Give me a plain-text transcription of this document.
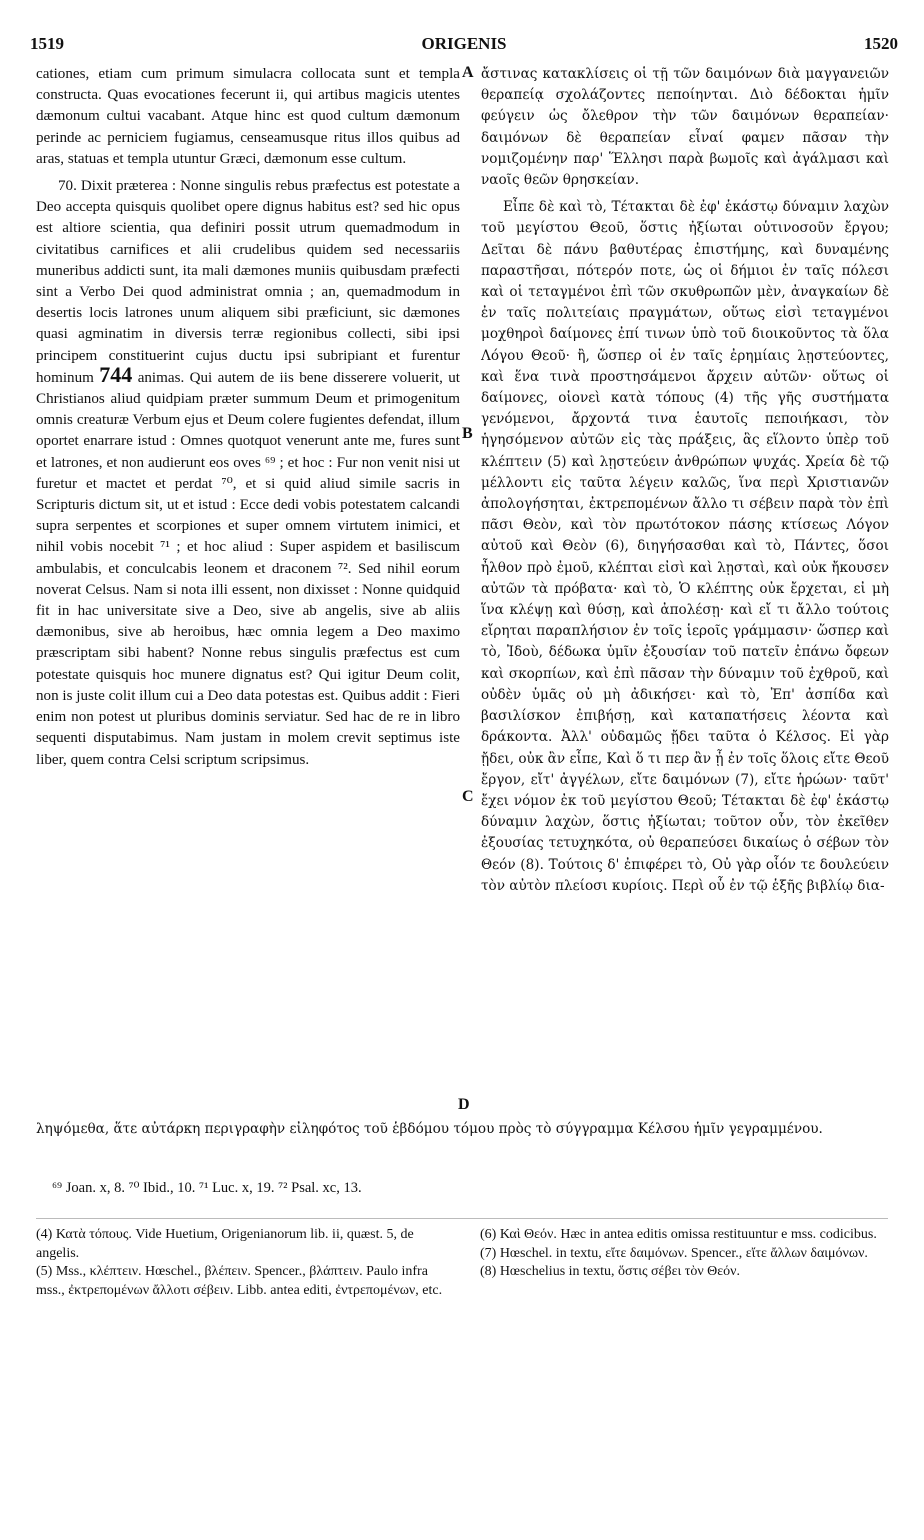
1519	ORIGENIS	1520

cationes, etiam cum primum simulacra collocata sunt et templa constructa. Quas evocationes fecerunt ii, qui artibus magicis utentes dæmonum cultui vacabant. Atque hinc est quod cultum dæmonum perinde ac perniciem fugiamus, censeamusque ritus illos quibus ad aras, statuas et templa utuntur Græci, dæmonum esse cultum.

70. Dixit præterea : Nonne singulis rebus præfectus est potestate a Deo accepta quisquis quolibet opere dignus habitus est? sed hic opus est altiore scientia, qua definiri possit utrum quemadmodum in civitatibus carnifices et alii crudelibus quidem sed necessariis muneribus addicti sunt, ita mali dæmones muniis quibusdam præfecti sint a Verbo Dei quod administrat omnia ; an, quemadmodum in desertis locis latrones unum aliquem sibi præficiunt, sic dæmones quasi agminatim in diversis terræ regionibus collecti, sibi ipsi principem constituerint cujus ductu ipsi subripiant et furentur hominum 744 animas. Qui autem de iis bene disserere voluerit, ut Christianos aliud quidpiam præter summum Deum et primogenitum omnis creaturæ Verbum ejus et Deum colere fugientes defendat, illum oportet enarrare istud : Omnes quotquot venerunt ante me, fures sunt et latrones, et non audierunt eos oves ⁶⁹ ; et hoc : Fur non venit nisi ut furetur et mactet et perdat ⁷⁰, et si quid aliud simile sacris in Scripturis dictum sit, ut et istud : Ecce dedi vobis potestatem calcandi supra serpentes et scorpiones et super omnem virtutem inimici, et nihil vobis nocebit ⁷¹ ; et hoc aliud : Super aspidem et basiliscum ambulabis, et conculcabis leonem et draconem ⁷². Sed nihil eorum noverat Celsus. Nam si nota illi essent, non dixisset : Nonne quidquid fit in hac universitate sive a Deo, sive ab angelis, sive ab aliis dæmonibus, sive ab heroibus, hæc omnia legem a Deo maximo præscriptam sibi habent? Nonne rebus singulis præfectus est cum potestate quisquis hoc munere dignatus est? Qui igitur Deum colit, non is juste colit illum cui a Deo data potestas est. Quibus addit : Fieri enim non potest ut pluribus dominis serviatur. Sed hac de re in libro sequenti disputabimus. Nam justam in molem crevit septimus iste liber, quem contra Celsi scriptum scripsimus.

A
B
C
D

ἄστινας κατακλίσεις οἱ τῇ τῶν δαιμόνων διὰ μαγγανειῶν θεραπείᾳ σχολάζοντες πεποίηνται. Διὸ δέδοκται ἡμῖν φεύγειν ὡς ὄλεθρον τὴν τῶν δαιμόνων θεραπείαν· δαιμόνων δὲ θεραπείαν εἶναί φαμεν πᾶσαν τὴν νομιζομένην παρ' Ἕλλησι παρὰ βωμοῖς καὶ ἀγάλμασι καὶ ναοῖς θεῶν θρησκείαν.

Εἶπε δὲ καὶ τὸ, Τέτακται δὲ ἐφ' ἑκάστῳ δύναμιν λαχὼν τοῦ μεγίστου Θεοῦ, ὅστις ἠξίωται οὑτινοσοῦν ἔργου; Δεῖται δὲ πάνυ βαθυτέρας ἐπιστήμης, καὶ δυναμένης παραστῆσαι, πότερόν ποτε, ὡς οἱ δήμιοι ἐν ταῖς πόλεσι καὶ οἱ τεταγμένοι ἐπὶ τῶν σκυθρωπῶν μὲν, ἀναγκαίων δὲ ἐν ταῖς πολιτείαις πραγμάτων, οὕτως εἰσὶ τεταγμένοι μοχθηροὶ δαίμονες ἐπί τινων ὑπὸ τοῦ διοικοῦντος τὰ ὅλα Λόγου Θεοῦ· ἢ, ὥσπερ οἱ ἐν ταῖς ἐρημίαις λῃστεύοντες, καὶ ἕνα τινὰ προστησάμενοι ἄρχειν αὐτῶν· οὕτως οἱ δαίμονες, οἱονεὶ κατὰ τόπους (4) τῆς γῆς συστήματα γενόμενοι, ἄρχοντά τινα ἑαυτοῖς πεποιήκασι, τὸν ἡγησόμενον αὐτῶν εἰς τὰς πράξεις, ἃς εἵλοντο ὑπὲρ τοῦ κλέπτειν (5) καὶ λῃστεύειν ἀνθρώπων ψυχάς. Χρεία δὲ τῷ μέλλοντι εἰς ταῦτα λέγειν καλῶς, ἵνα περὶ Χριστιανῶν ἀπολογήσηται, ἐκτρεπομένων ἄλλο τι σέβειν παρὰ τὸν ἐπὶ πᾶσι Θεὸν, καὶ τὸν πρωτότοκον πάσης κτίσεως Λόγον αὐτοῦ καὶ Θεὸν (6), διηγήσασθαι καὶ τὸ, Πάντες, ὅσοι ἦλθον πρὸ ἐμοῦ, κλέπται εἰσὶ καὶ λῃσταὶ, καὶ οὐκ ἤκουσεν αὐτῶν τὰ πρόβατα· καὶ τὸ, Ὁ κλέπτης οὐκ ἔρχεται, εἰ μὴ ἵνα κλέψῃ καὶ θύσῃ, καὶ ἀπολέσῃ· καὶ εἴ τι ἄλλο τούτοις εἴρηται παραπλήσιον ἐν τοῖς ἱεροῖς γράμμασιν· ὥσπερ καὶ τὸ, Ἰδοὺ, δέδωκα ὑμῖν ἐξουσίαν τοῦ πατεῖν ἐπάνω ὄφεων καὶ σκορπίων, καὶ ἐπὶ πᾶσαν τὴν δύναμιν τοῦ ἐχθροῦ, καὶ οὐδὲν ὑμᾶς οὐ μὴ ἀδικήσει· καὶ τὸ, Ἐπ' ἀσπίδα καὶ βασιλίσκον ἐπιβήσῃ, καὶ καταπατήσεις λέοντα καὶ δράκοντα. Ἀλλ' οὐδαμῶς ᾔδει ταῦτα ὁ Κέλσος. Εἰ γὰρ ᾔδει, οὐκ ἂν εἶπε, Καὶ ὅ τι περ ἂν ᾖ ἐν τοῖς ὅλοις εἴτε Θεοῦ ἔργον, εἴτ' ἀγγέλων, εἴτε δαιμόνων (7), εἴτε ἡρώων· ταῦτ' ἔχει νόμον ἐκ τοῦ μεγίστου Θεοῦ; Τέτακται δὲ ἐφ' ἑκάστῳ δύναμιν λαχὼν, ὅστις ἠξίωται; τοῦτον οὖν, τὸν ἐκεῖθεν ἐξουσίας τετυχηκότα, οὐ θεραπεύσει δικαίως ὁ σέβων τὸν Θεόν (8). Τούτοις δ' ἐπιφέρει τὸ, Οὐ γὰρ οἷόν τε δουλεύειν τὸν αὐτὸν πλείοσι κυρίοις. Περὶ οὗ ἐν τῷ ἑξῆς βιβλίῳ δια-

ληψόμεθα, ἅτε αὐτάρκη περιγραφὴν εἰληφότος τοῦ ἑβδόμου τόμου πρὸς τὸ σύγγραμμα Κέλσου ἡμῖν γεγραμμένου.
⁶⁹ Joan. x, 8. ⁷⁰ Ibid., 10. ⁷¹ Luc. x, 19. ⁷² Psal. xc, 13.

(4) Κατὰ τόπους. Vide Huetium, Origenianorum lib. ii, quæst. 5, de angelis.

(5) Mss., κλέπτειν. Hœschel., βλέπειν. Spencer., βλάπτειν. Paulo infra mss., ἐκτρεπομένων ἄλλοτι σέβειν. Libb. antea editi, ἐντρεπομένων, etc.

(6) Καὶ Θεόν. Hæc in antea editis omissa restituuntur e mss. codicibus.

(7) Hœschel. in textu, εἴτε δαιμόνων. Spencer., εἴτε ἄλλων δαιμόνων.

(8) Hœschelius in textu, ὅστις σέβει τὸν Θεόν.
